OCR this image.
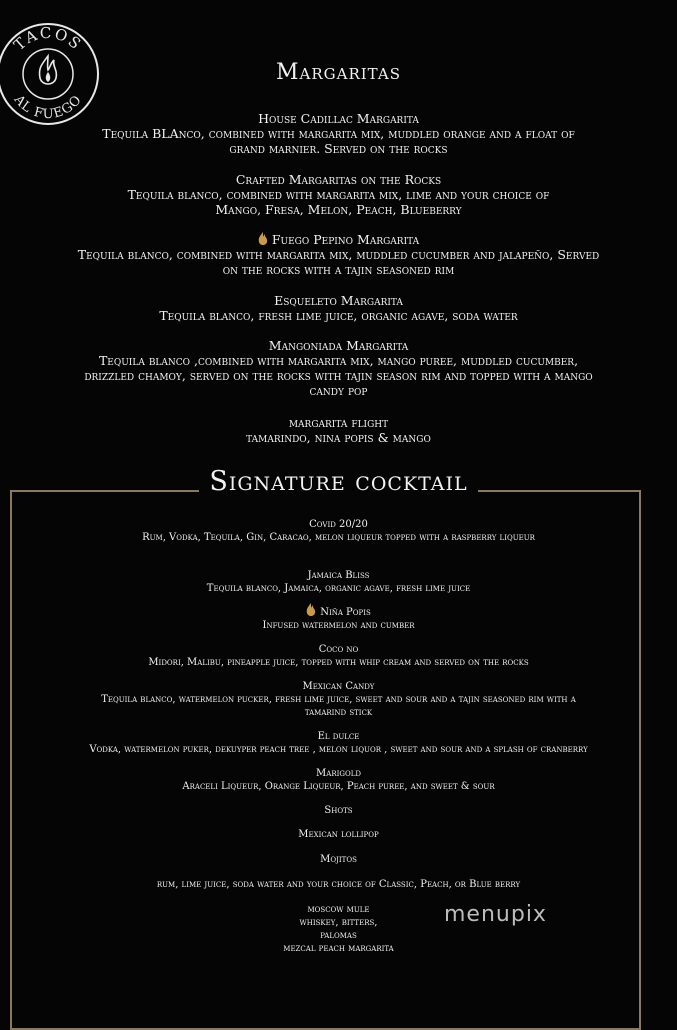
TACOS
AL FUEGO
Margaritas
House Cadillac Margarita
Tequila BLAnco, combined with margarita mix, muddled orange and a float of
grand marnier. Served on the rocks
Crafted Margaritas on the Rocks
Tequila blanco, combined with margarita mix, lime and your choice of
Mango, Fresa, Melon, Peach, Blueberry
Fuego Pepino Margarita
Tequila blanco, combined with margarita mix, muddled cucumber and jalapeño, Served
on the rocks with a tajin seasoned rim
Esqueleto Margarita
Tequila blanco, fresh lime juice, organic agave, soda water
Mangoniada Margarita
Tequila blanco ,combined with margarita mix, mango puree, muddled cucumber,
drizzled chamoy, served on the rocks with tajin season rim and topped with a mango
candy pop
margarita flight
tamarindo, nina popis & mango
Signature cocktail
Covid 20/20
Rum, Vodka, Tequila, Gin, Caracao, melon liqueur topped with a raspberry liqueur
Jamaica Bliss
Tequila blanco, Jamaica, organic agave, fresh lime juice
Niña Popis
Infused watermelon and cumber
Coco no
Midori, Malibu, pineapple juice, topped with whip cream and served on the rocks
Mexican Candy
Tequila blanco, watermelon pucker, fresh lime juice, sweet and sour and a tajin seasoned rim with a
tamarind stick
El dulce
Vodka, watermelon puker, dekuyper peach tree , melon liquor , sweet and sour and a splash of cranberry
Marigold
Araceli Liqueur, Orange Liqueur, Peach puree, and sweet & sour
Shots
Mexican lollipop
Mojitos
rum, lime juice, soda water and your choice of Classic, Peach, or Blue berry
moscow mule
whiskey, bitters,
palomas
mezcal peach margarita
menupix
